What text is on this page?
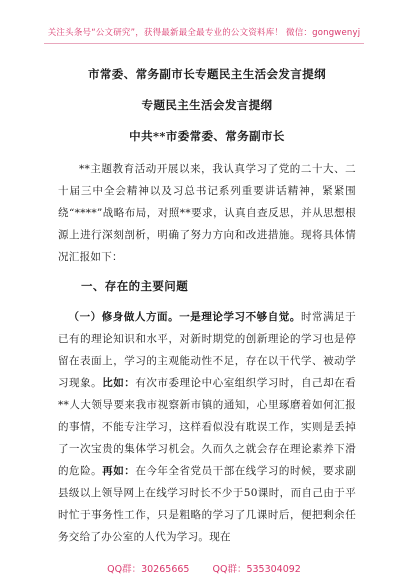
关注头条号“公文研究”，获得最新最全最专业的公文资料库！ 微信：gongwenyj
市常委、常务副市长专题民主生活会发言提纲
专题民主生活会发言提纲
中共**市委常委、常务副市长

**主题教育活动开展以来，我认真学习了党的二十大、二十届三中全会精神以及习总书记系列重要讲话精神，紧紧围绕“****”战略布局，对照**要求，认真自查反思，并从思想根源上进行深刻剖析，明确了努力方向和改进措施。现将具体情况汇报如下：

一、存在的主要问题

（一）修身做人方面。一是理论学习不够自觉。时常满足于已有的理论知识和水平，对新时期党的创新理论的学习也是停留在表面上，学习的主观能动性不足，存在以干代学、被动学习现象。比如：有次市委理论中心室组织学习时，自己却在看**人大领导要来我市视察新市镇的通知，心里琢磨着如何汇报的事情，不能专注学习，这样看似没有耽误工作，实则是丢掉了一次宝贵的集体学习机会。久而久之就会存在理论素养下滑的危险。再如：在今年全省党员干部在线学习的时候，要求副县级以上领导网上在线学习时长不少于50课时，而自己由于平时忙于事务性工作，只是粗略的学习了几课时后，便把剩余任务交给了办公室的人代为学习。现在

QQ群：30265665 QQ群：535304092
